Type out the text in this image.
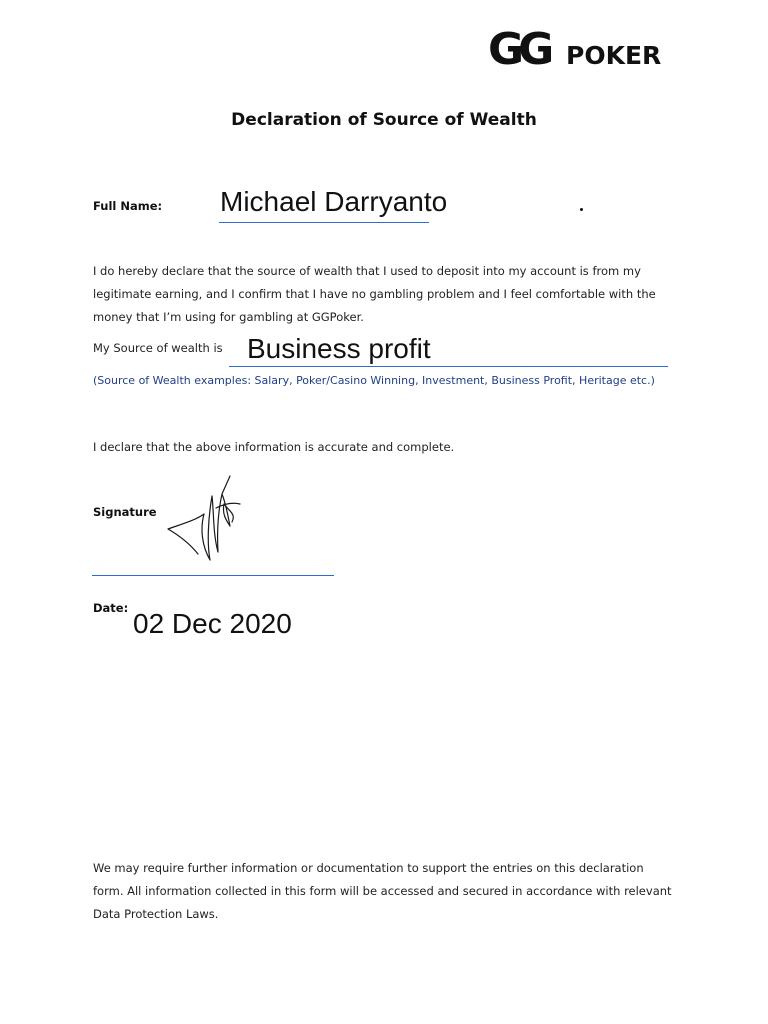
GG POKER
Declaration of Source of Wealth
Full Name: Michael Darryanto
I do hereby declare that the source of wealth that I used to deposit into my account is from my legitimate earning, and I confirm that I have no gambling problem and I feel comfortable with the money that I’m using for gambling at GGPoker.
My Source of wealth is Business profit
(Source of Wealth examples: Salary, Poker/Casino Winning, Investment, Business Profit, Heritage etc.)
I declare that the above information is accurate and complete.
Signature
Date: 02 Dec 2020
We may require further information or documentation to support the entries on this declaration form. All information collected in this form will be accessed and secured in accordance with relevant Data Protection Laws.
